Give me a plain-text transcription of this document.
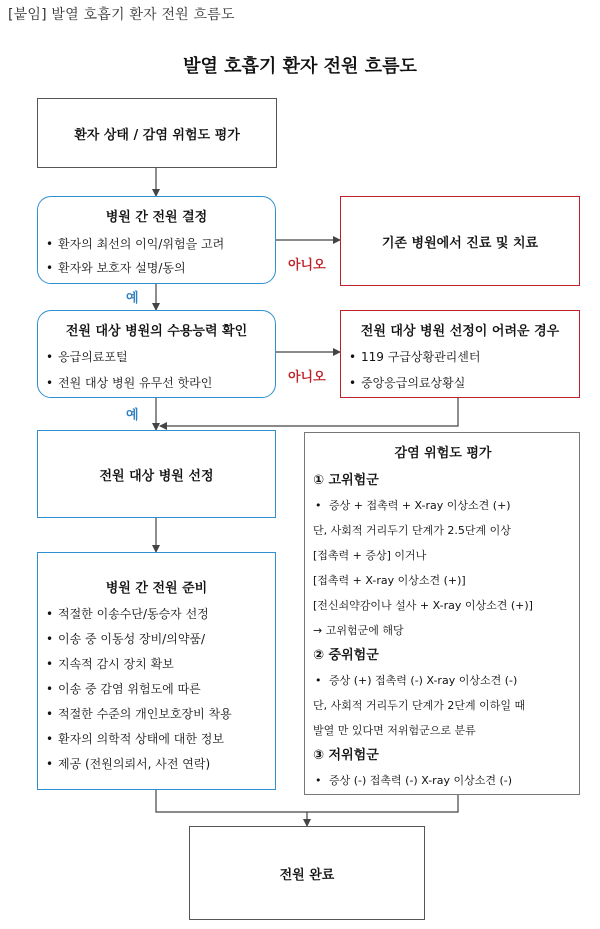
[붙임] 발열 호흡기 환자 전원 흐름도
발열 호흡기 환자 전원 흐름도
환자 상태 / 감염 위험도 평가
병원 간 전원 결정
• 환자의 최선의 이익/위험을 고려
• 환자와 보호자 설명/동의
기존 병원에서 진료 및 치료
아니오
예
전원 대상 병원의 수용능력 확인
• 응급의료포털
• 전원 대상 병원 유무선 핫라인
전원 대상 병원 선정이 어려운 경우
• 119 구급상황관리센터
• 중앙응급의료상황실
아니오
예
전원 대상 병원 선정
병원 간 전원 준비
• 적절한 이송수단/동승자 선정
• 이송 중 이동성 장비/의약품/
• 지속적 감시 장치 확보
• 이송 중 감염 위험도에 따른
• 적절한 수준의 개인보호장비 착용
• 환자의 의학적 상태에 대한 정보
• 제공 (전원의뢰서, 사전 연락)
감염 위험도 평가
① 고위험군
• 증상 + 접촉력 + X-ray 이상소견 (+)
단, 사회적 거리두기 단계가 2.5단계 이상
[접촉력 + 증상] 이거나
[접촉력 + X-ray 이상소견 (+)]
[전신쇠약감이나 설사 + X-ray 이상소견 (+)]
→ 고위험군에 해당
② 중위험군
• 증상 (+) 접촉력 (-) X-ray 이상소견 (-)
단, 사회적 거리두기 단계가 2단계 이하일 때
발열 만 있다면 저위험군으로 분류
③ 저위험군
• 증상 (-) 접촉력 (-) X-ray 이상소견 (-)
전원 완료
